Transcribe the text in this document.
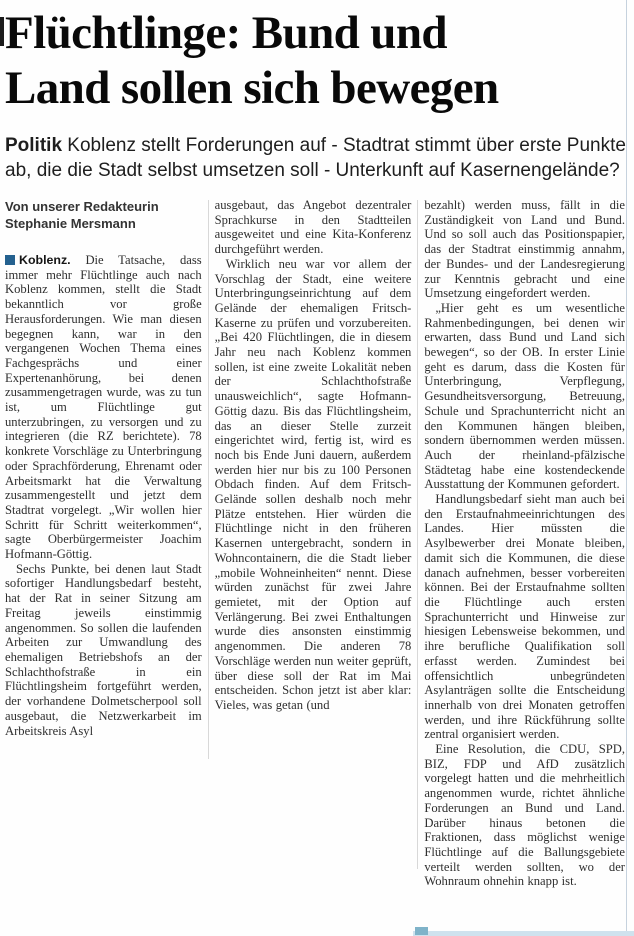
Flüchtlinge: Bund und
Land sollen sich bewegen

Politik Koblenz stellt Forderungen auf - Stadtrat stimmt über erste Punkte ab, die die Stadt selbst umsetzen soll - Unterkunft auf Kasernengelände?

Von unserer Redakteurin
Stephanie Mersmann

Koblenz. Die Tatsache, dass immer mehr Flüchtlinge auch nach Koblenz kommen, stellt die Stadt bekanntlich vor große Herausforderungen. Wie man diesen begegnen kann, war in den vergangenen Wochen Thema eines Fachgesprächs und einer Expertenanhörung, bei denen zusammengetragen wurde, was zu tun ist, um Flüchtlinge gut unterzubringen, zu versorgen und zu integrieren (die RZ berichtete). 78 konkrete Vorschläge zu Unterbringung oder Sprachförderung, Ehrenamt oder Arbeitsmarkt hat die Verwaltung zusammengestellt und jetzt dem Stadtrat vorgelegt. „Wir wollen hier Schritt für Schritt weiterkommen“, sagte Oberbürgermeister Joachim Hofmann-Göttig.

Sechs Punkte, bei denen laut Stadt sofortiger Handlungsbedarf besteht, hat der Rat in seiner Sitzung am Freitag jeweils einstimmig angenommen. So sollen die laufenden Arbeiten zur Umwandlung des ehemaligen Betriebshofs an der Schlachthofstraße in ein Flüchtlingsheim fortgeführt werden, der vorhandene Dolmetscherpool soll ausgebaut, die Netzwerkarbeit im Arbeitskreis Asyl

ausgebaut, das Angebot dezentraler Sprachkurse in den Stadtteilen ausgeweitet und eine Kita-Konferenz durchgeführt werden.

Wirklich neu war vor allem der Vorschlag der Stadt, eine weitere Unterbringungseinrichtung auf dem Gelände der ehemaligen Fritsch-Kaserne zu prüfen und vorzubereiten. „Bei 420 Flüchtlingen, die in diesem Jahr neu nach Koblenz kommen sollen, ist eine zweite Lokalität neben der Schlachthofstraße unausweichlich“, sagte Hofmann-Göttig dazu. Bis das Flüchtlingsheim, das an dieser Stelle zurzeit eingerichtet wird, fertig ist, wird es noch bis Ende Juni dauern, außerdem werden hier nur bis zu 100 Personen Obdach finden. Auf dem Fritsch-Gelände sollen deshalb noch mehr Plätze entstehen. Hier würden die Flüchtlinge nicht in den früheren Kasernen untergebracht, sondern in Wohncontainern, die die Stadt lieber „mobile Wohneinheiten“ nennt. Diese würden zunächst für zwei Jahre gemietet, mit der Option auf Verlängerung. Bei zwei Enthaltungen wurde dies ansonsten einstimmig angenommen. Die anderen 78 Vorschläge werden nun weiter geprüft, über diese soll der Rat im Mai entscheiden. Schon jetzt ist aber klar: Vieles, was getan (und

bezahlt) werden muss, fällt in die Zuständigkeit von Land und Bund. Und so soll auch das Positionspapier, das der Stadtrat einstimmig annahm, der Bundes- und der Landesregierung zur Kenntnis gebracht und eine Umsetzung eingefordert werden.

„Hier geht es um wesentliche Rahmenbedingungen, bei denen wir erwarten, dass Bund und Land sich bewegen“, so der OB. In erster Linie geht es darum, dass die Kosten für Unterbringung, Verpflegung, Gesundheitsversorgung, Betreuung, Schule und Sprachunterricht nicht an den Kommunen hängen bleiben, sondern übernommen werden müssen. Auch der rheinland-pfälzische Städtetag habe eine kostendeckende Ausstattung der Kommunen gefordert.

Handlungsbedarf sieht man auch bei den Erstaufnahmeeinrichtungen des Landes. Hier müssten die Asylbewerber drei Monate bleiben, damit sich die Kommunen, die diese danach aufnehmen, besser vorbereiten können. Bei der Erstaufnahme sollten die Flüchtlinge auch ersten Sprachunterricht und Hinweise zur hiesigen Lebensweise bekommen, und ihre berufliche Qualifikation soll erfasst werden. Zumindest bei offensichtlich unbegründeten Asylanträgen sollte die Entscheidung innerhalb von drei Monaten getroffen werden, und ihre Rückführung sollte zentral organisiert werden.

Eine Resolution, die CDU, SPD, BIZ, FDP und AfD zusätzlich vorgelegt hatten und die mehrheitlich angenommen wurde, richtet ähnliche Forderungen an Bund und Land. Darüber hinaus betonen die Fraktionen, dass möglichst wenige Flüchtlinge auf die Ballungsgebiete verteilt werden sollten, wo der Wohnraum ohnehin knapp ist.
